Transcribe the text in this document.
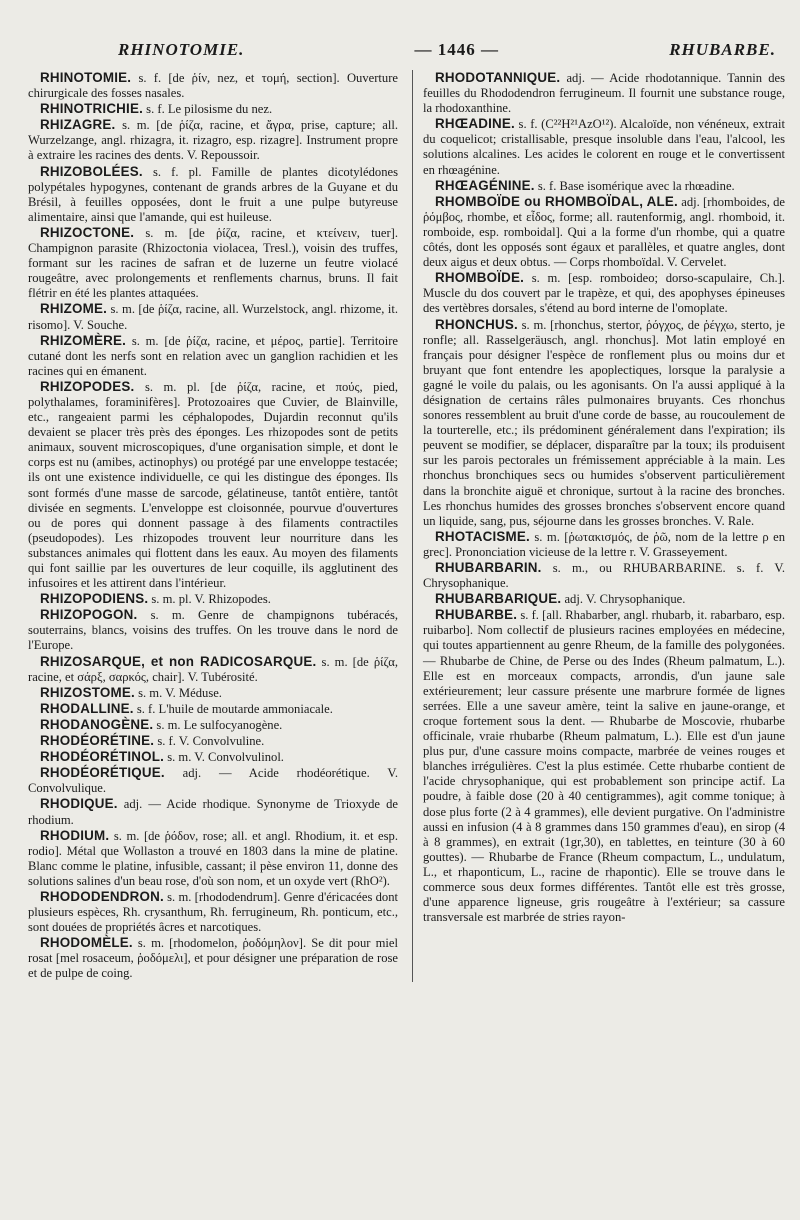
RHINOTOMIE.	— 1446 —	RHUBARBE.

RHINOTOMIE. s. f. [de ῥίν, nez, et τομή, section]. Ouverture chirurgicale des fosses nasales.

RHINOTRICHIE. s. f. Le pilosisme du nez.

RHIZAGRE. s. m. [de ῥίζα, racine, et ἄγρα, prise, capture; all. Wurzelzange, angl. rhizagra, it. rizagro, esp. rizagre]. Instrument propre à extraire les racines des dents. V. Repoussoir.

RHIZOBOLÉES. s. f. pl. Famille de plantes dicotylédones polypétales hypogynes, contenant de grands arbres de la Guyane et du Brésil, à feuilles opposées, dont le fruit a une pulpe butyreuse alimentaire, ainsi que l'amande, qui est huileuse.

RHIZOCTONE. s. m. [de ῥίζα, racine, et κτείνειν, tuer]. Champignon parasite (Rhizoctonia violacea, Tresl.), voisin des truffes, formant sur les racines de safran et de luzerne un feutre violacé rougeâtre, avec prolongements et renflements charnus, bruns. Il fait flétrir en été les plantes attaquées.

RHIZOME. s. m. [de ῥίζα, racine, all. Wurzelstock, angl. rhizome, it. risomo]. V. Souche.

RHIZOMÈRE. s. m. [de ῥίζα, racine, et μέρος, partie]. Territoire cutané dont les nerfs sont en relation avec un ganglion rachidien et les racines qui en émanent.

RHIZOPODES. s. m. pl. [de ῥίζα, racine, et πούς, pied, polythalames, foraminifères]. Protozoaires que Cuvier, de Blainville, etc., rangeaient parmi les céphalopodes, Dujardin reconnut qu'ils devaient se placer très près des éponges. Les rhizopodes sont de petits animaux, souvent microscopiques, d'une organisation simple, et dont le corps est nu (amibes, actinophys) ou protégé par une enveloppe testacée; ils ont une existence individuelle, ce qui les distingue des éponges. Ils sont formés d'une masse de sarcode, gélatineuse, tantôt entière, tantôt divisée en segments. L'enveloppe est cloisonnée, pourvue d'ouvertures ou de pores qui donnent passage à des filaments contractiles (pseudopodes). Les rhizopodes trouvent leur nourriture dans les substances animales qui flottent dans les eaux. Au moyen des filaments qui font saillie par les ouvertures de leur coquille, ils agglutinent des infusoires et les attirent dans l'intérieur.

RHIZOPODIENS. s. m. pl. V. Rhizopodes.

RHIZOPOGON. s. m. Genre de champignons tubéracés, souterrains, blancs, voisins des truffes. On les trouve dans le nord de l'Europe.

RHIZOSARQUE, et non RADICOSARQUE. s. m. [de ῥίζα, racine, et σάρξ, σαρκός, chair]. V. Tubérosité.

RHIZOSTOME. s. m. V. Méduse.

RHODALLINE. s. f. L'huile de moutarde ammoniacale.

RHODANOGÈNE. s. m. Le sulfocyanogène.

RHODÉORÉTINE. s. f. V. Convolvuline.

RHODÉORÉTINOL. s. m. V. Convolvulinol.

RHODÉORÉTIQUE. adj. — Acide rhodéorétique. V. Convolvulique.

RHODIQUE. adj. — Acide rhodique. Synonyme de Trioxyde de rhodium.

RHODIUM. s. m. [de ῥόδον, rose; all. et angl. Rhodium, it. et esp. rodio]. Métal que Wollaston a trouvé en 1803 dans la mine de platine. Blanc comme le platine, infusible, cassant; il pèse environ 11, donne des solutions salines d'un beau rose, d'où son nom, et un oxyde vert (RhO²).

RHODODENDRON. s. m. [rhododendrum]. Genre d'éricacées dont plusieurs espèces, Rh. crysanthum, Rh. ferrugineum, Rh. ponticum, etc., sont douées de propriétés âcres et narcotiques.

RHODOMÈLE. s. m. [rhodomelon, ῥοδόμηλον]. Se dit pour miel rosat [mel rosaceum, ῥοδόμελι], et pour désigner une préparation de rose et de pulpe de coing.

RHODOTANNIQUE. adj. — Acide rhodotannique. Tannin des feuilles du Rhododendron ferrugineum. Il fournit une substance rouge, la rhodoxanthine.

RHŒADINE. s. f. (C²²H²¹AzO¹²). Alcaloïde, non vénéneux, extrait du coquelicot; cristallisable, presque insoluble dans l'eau, l'alcool, les solutions alcalines. Les acides le colorent en rouge et le convertissent en rhœagénine.

RHŒAGÉNINE. s. f. Base isomérique avec la rhœadine.

RHOMBOÏDE ou RHOMBOÏDAL, ALE. adj. [rhomboides, de ῥόμβος, rhombe, et εἶδος, forme; all. rautenformig, angl. rhomboid, it. romboide, esp. romboidal]. Qui a la forme d'un rhombe, qui a quatre côtés, dont les opposés sont égaux et parallèles, et quatre angles, dont deux aigus et deux obtus. — Corps rhomboïdal. V. Cervelet.

RHOMBOÏDE. s. m. [esp. romboideo; dorso-scapulaire, Ch.]. Muscle du dos couvert par le trapèze, et qui, des apophyses épineuses des vertèbres dorsales, s'étend au bord interne de l'omoplate.

RHONCHUS. s. m. [rhonchus, stertor, ῥόγχος, de ῥέγχω, sterto, je ronfle; all. Rasselgeräusch, angl. rhonchus]. Mot latin employé en français pour désigner l'espèce de ronflement plus ou moins dur et bruyant que font entendre les apoplectiques, lorsque la paralysie a gagné le voile du palais, ou les agonisants. On l'a aussi appliqué à la désignation de certains râles pulmonaires bruyants. Ces rhonchus sonores ressemblent au bruit d'une corde de basse, au roucoulement de la tourterelle, etc.; ils prédominent généralement dans l'expiration; ils peuvent se modifier, se déplacer, disparaître par la toux; ils produisent sur les parois pectorales un frémissement appréciable à la main. Les rhonchus bronchiques secs ou humides s'observent particulièrement dans la bronchite aiguë et chronique, surtout à la racine des bronches. Les rhonchus humides des grosses bronches s'observent encore quand un liquide, sang, pus, séjourne dans les grosses bronches. V. Rale.

RHOTACISME. s. m. [ῥωτακισμός, de ῥῶ, nom de la lettre ρ en grec]. Prononciation vicieuse de la lettre r. V. Grasseyement.

RHUBARBARIN. s. m., ou RHUBARBARINE. s. f. V. Chrysophanique.

RHUBARBARIQUE. adj. V. Chrysophanique.

RHUBARBE. s. f. [all. Rhabarber, angl. rhubarb, it. rabarbaro, esp. ruibarbo]. Nom collectif de plusieurs racines employées en médecine, qui toutes appartiennent au genre Rheum, de la famille des polygonées. — Rhubarbe de Chine, de Perse ou des Indes (Rheum palmatum, L.). Elle est en morceaux compacts, arrondis, d'un jaune sale extérieurement; leur cassure présente une marbrure formée de lignes serrées. Elle a une saveur amère, teint la salive en jaune-orange, et croque fortement sous la dent. — Rhubarbe de Moscovie, rhubarbe officinale, vraie rhubarbe (Rheum palmatum, L.). Elle est d'un jaune plus pur, d'une cassure moins compacte, marbrée de veines rouges et blanches irrégulières. C'est la plus estimée. Cette rhubarbe contient de l'acide chrysophanique, qui est probablement son principe actif. La poudre, à faible dose (20 à 40 centigrammes), agit comme tonique; à dose plus forte (2 à 4 grammes), elle devient purgative. On l'administre aussi en infusion (4 à 8 grammes dans 150 grammes d'eau), en sirop (4 à 8 grammes), en extrait (1gr,30), en tablettes, en teinture (30 à 60 gouttes). — Rhubarbe de France (Rheum compactum, L., undulatum, L., et rhaponticum, L., racine de rhapontic). Elle se trouve dans le commerce sous deux formes différentes. Tantôt elle est très grosse, d'une apparence ligneuse, gris rougeâtre à l'extérieur; sa cassure transversale est marbrée de stries rayon-
